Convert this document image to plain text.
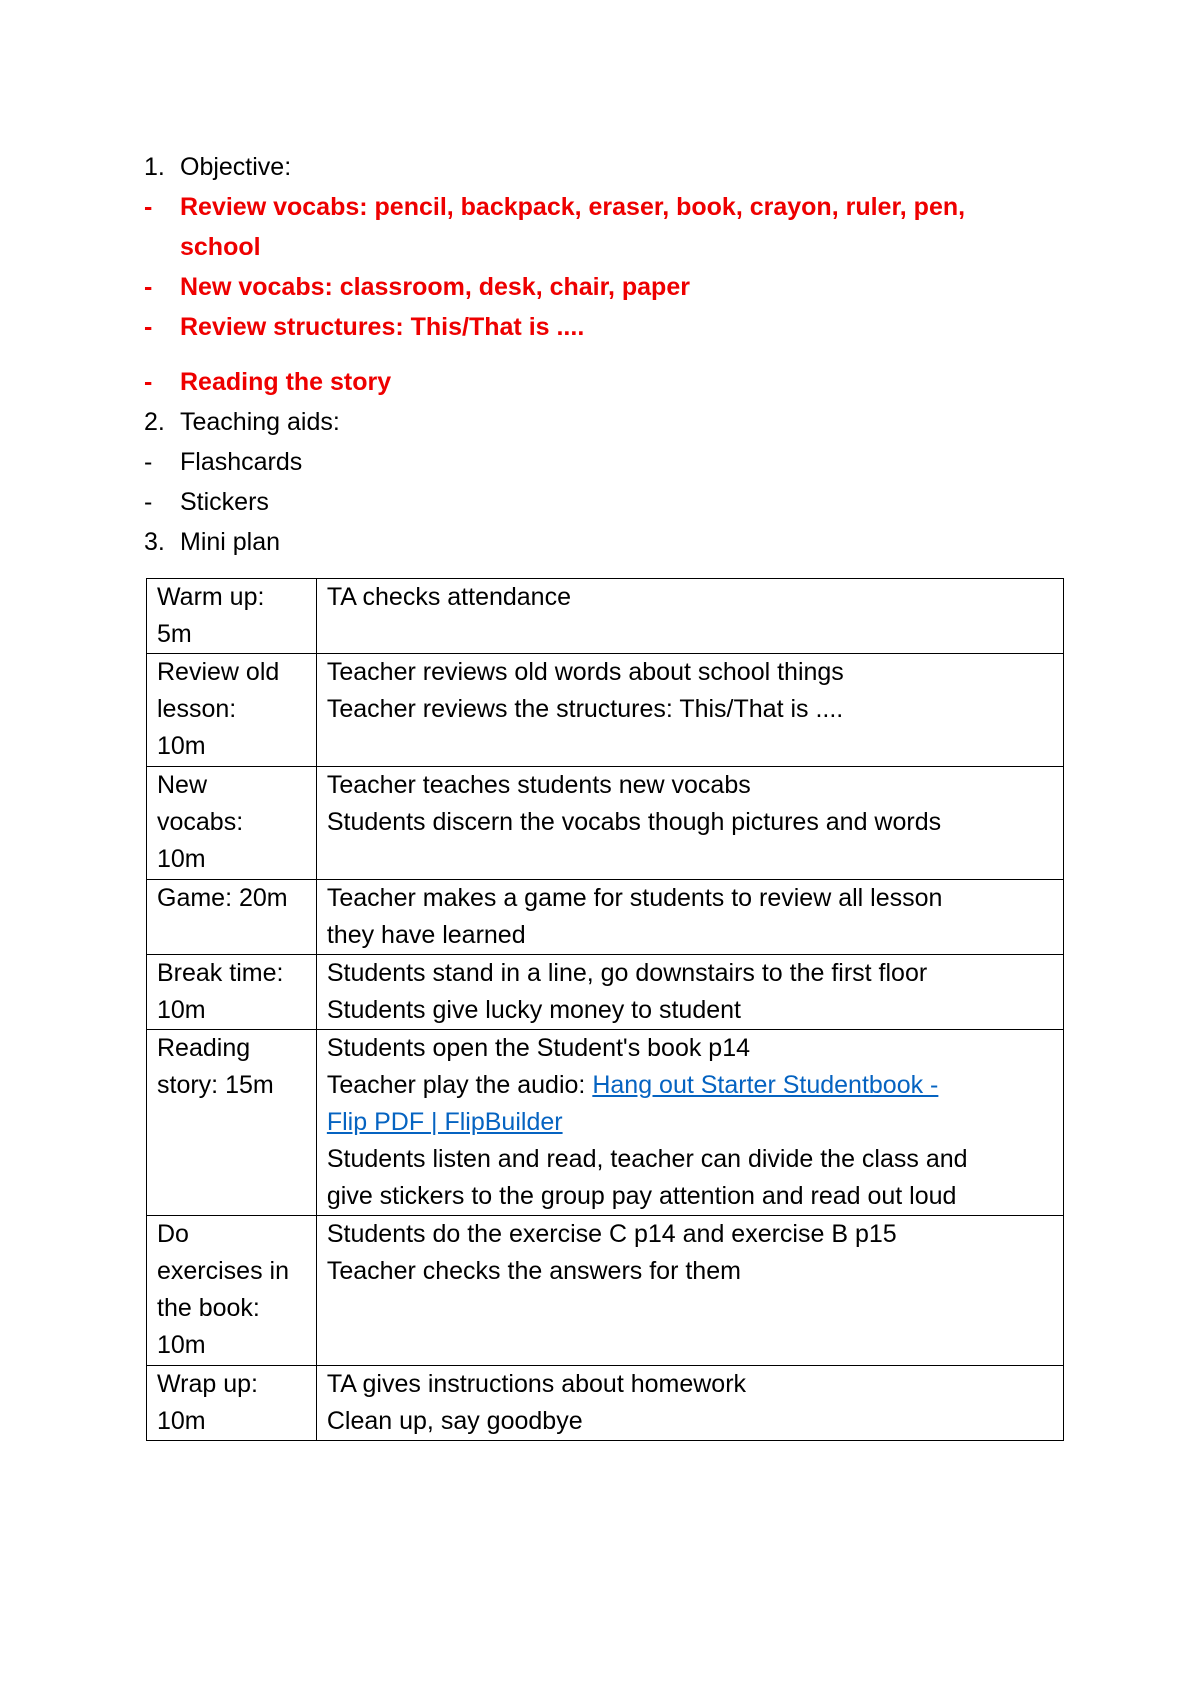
1. Objective:
-	Review vocabs: pencil, backpack, eraser, book, crayon, ruler, pen,
school
-	New vocabs: classroom, desk, chair, paper
-	Review structures: This/That is ....
-	Reading the story
2. Teaching aids:
-	Flashcards
-	Stickers
3. Mini plan
Warm up:
5m	TA checks attendance

Review old
lesson:
10m	Teacher reviews old words about school things
Teacher reviews the structures: This/That is ....

New
vocabs:
10m	Teacher teaches students new vocabs
Students discern the vocabs though pictures and words

Game: 20m	Teacher makes a game for students to review all lesson
they have learned

Break time:
10m	Students stand in a line, go downstairs to the first floor
Students give lucky money to student

Reading
story: 15m	Students open the Student's book p14
Teacher play the audio: Hang out Starter Studentbook -
Flip PDF | FlipBuilder
Students listen and read, teacher can divide the class and
give stickers to the group pay attention and read out loud

Do
exercises in
the book:
10m	Students do the exercise C p14 and exercise B p15
Teacher checks the answers for them

Wrap up:
10m	TA gives instructions about homework
Clean up, say goodbye
